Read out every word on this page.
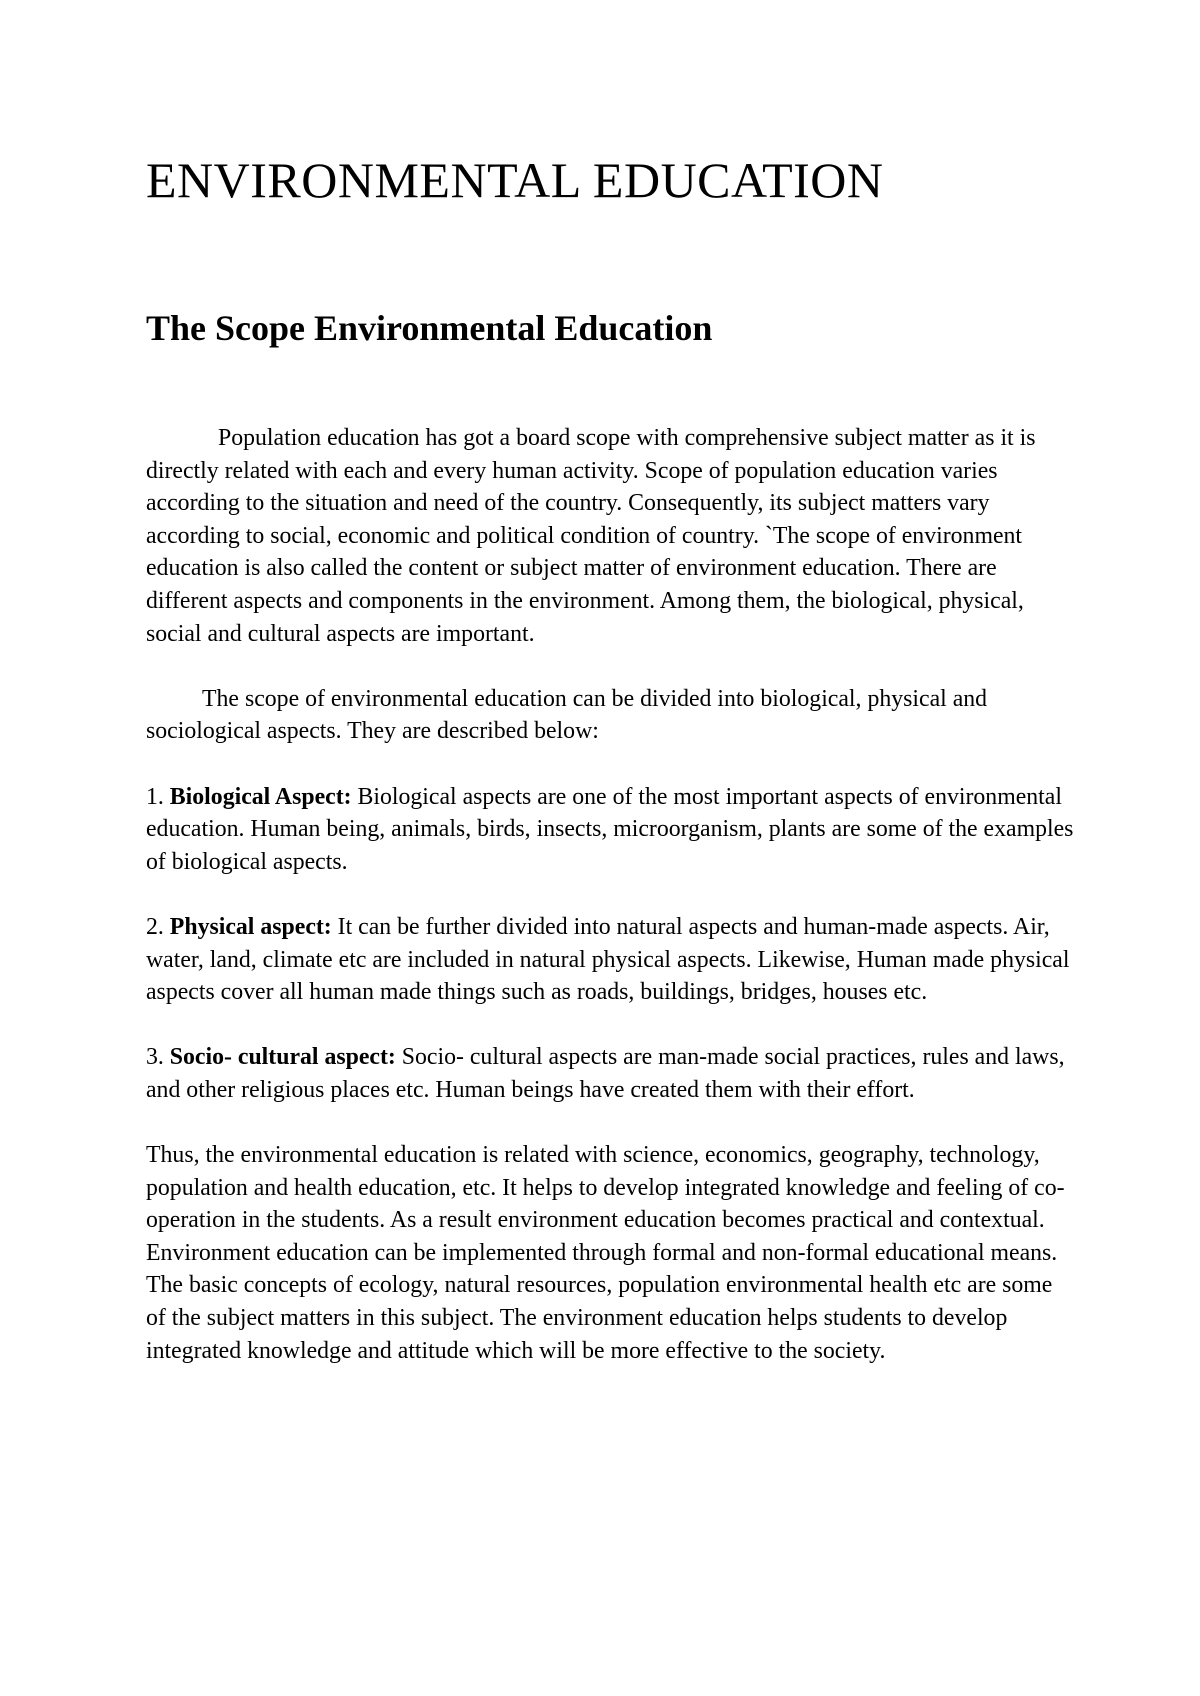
ENVIRONMENTAL EDUCATION
The Scope Environmental Education

Population education has got a board scope with comprehensive subject matter as it is directly related with each and every human activity. Scope of population education varies according to the situation and need of the country. Consequently, its subject matters vary according to social, economic and political condition of country. `The scope of environment education is also called the content or subject matter of environment education. There are different aspects and components in the environment. Among them, the biological, physical, social and cultural aspects are important.

The scope of environmental education can be divided into biological, physical and sociological aspects. They are described below:

1. Biological Aspect: Biological aspects are one of the most important aspects of environmental education. Human being, animals, birds, insects, microorganism, plants are some of the examples of biological aspects.

2. Physical aspect: It can be further divided into natural aspects and human-made aspects. Air, water, land, climate etc are included in natural physical aspects. Likewise, Human made physical aspects cover all human made things such as roads, buildings, bridges, houses etc.

3. Socio- cultural aspect: Socio- cultural aspects are man-made social practices, rules and laws, and other religious places etc. Human beings have created them with their effort.

Thus, the environmental education is related with science, economics, geography, technology, population and health education, etc. It helps to develop integrated knowledge and feeling of co-operation in the students. As a result environment education becomes practical and contextual. Environment education can be implemented through formal and non-formal educational means. The basic concepts of ecology, natural resources, population environmental health etc are some of the subject matters in this subject. The environment education helps students to develop integrated knowledge and attitude which will be more effective to the society.
